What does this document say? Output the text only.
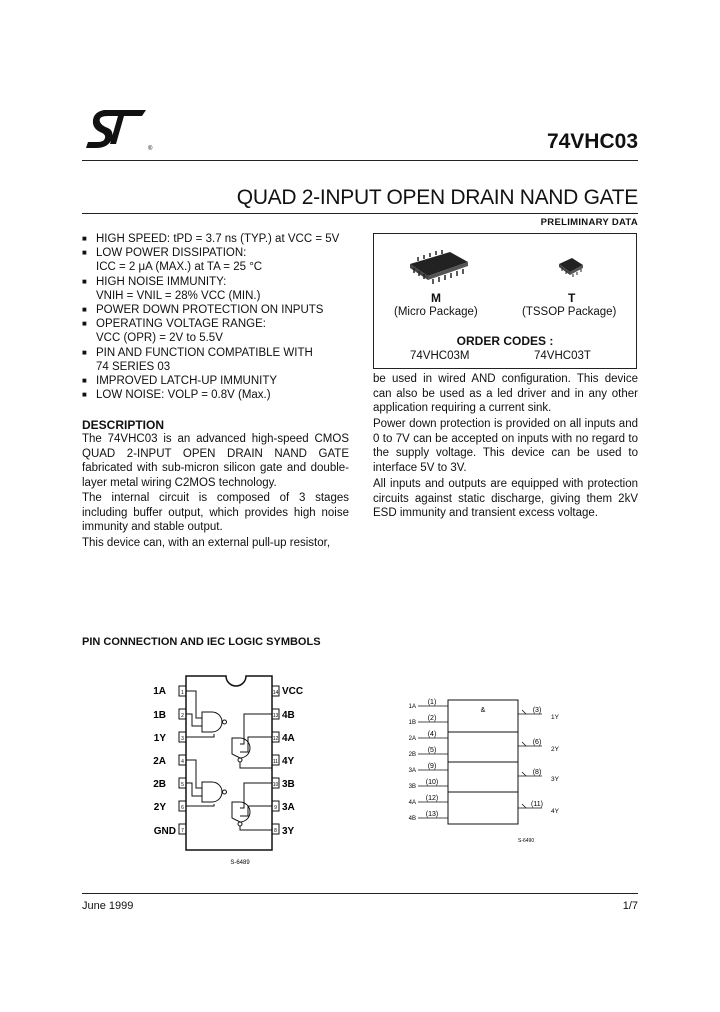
®	74VHC03
QUAD 2-INPUT OPEN DRAIN NAND GATE
PRELIMINARY DATA
■ HIGH SPEED: tPD = 3.7 ns (TYP.) at VCC = 5V
■ LOW POWER DISSIPATION:
ICC = 2 μA (MAX.) at TA = 25 °C
■ HIGH NOISE IMMUNITY:
VNIH = VNIL = 28% VCC (MIN.)
■ POWER DOWN PROTECTION ON INPUTS
■ OPERATING VOLTAGE RANGE:
VCC (OPR) = 2V to 5.5V
■ PIN AND FUNCTION COMPATIBLE WITH
74 SERIES 03
■ IMPROVED LATCH-UP IMMUNITY
■ LOW NOISE: VOLP = 0.8V (Max.)
M
(Micro Package)
T
(TSSOP Package)
ORDER CODES :
74VHC03M	74VHC03T
DESCRIPTION
The 74VHC03 is an advanced high-speed CMOS QUAD 2-INPUT OPEN DRAIN NAND GATE fabricated with sub-micron silicon gate and double-layer metal wiring C2MOS technology.
The internal circuit is composed of 3 stages including buffer output, which provides high noise immunity and stable output.
This device can, with an external pull-up resistor,
be used in wired AND configuration. This device can also be used as a led driver and in any other application requiring a current sink.
Power down protection is provided on all inputs and 0 to 7V can be accepted on inputs with no regard to the supply voltage. This device can be used to interface 5V to 3V.
All inputs and outputs are equipped with protection circuits against static discharge, giving them 2kV ESD immunity and transient excess voltage.
PIN CONNECTION AND IEC LOGIC SYMBOLS
1A
1B
1Y
2A
2B
2Y
GND
1
2
3
4
5
6
7
14
13
12
11
10
9
8
VCC
4B
4A
4Y
3B
3A
3Y
S-6489
&
1A
1B
2A
2B
3A
3B
4A
4B
(1)
(2)
(4)
(5)
(9)
(10)
(12)
(13)
(3)
(6)
(8)
(11)
1Y
2Y
3Y
4Y
S-6490
June 1999	1/7
